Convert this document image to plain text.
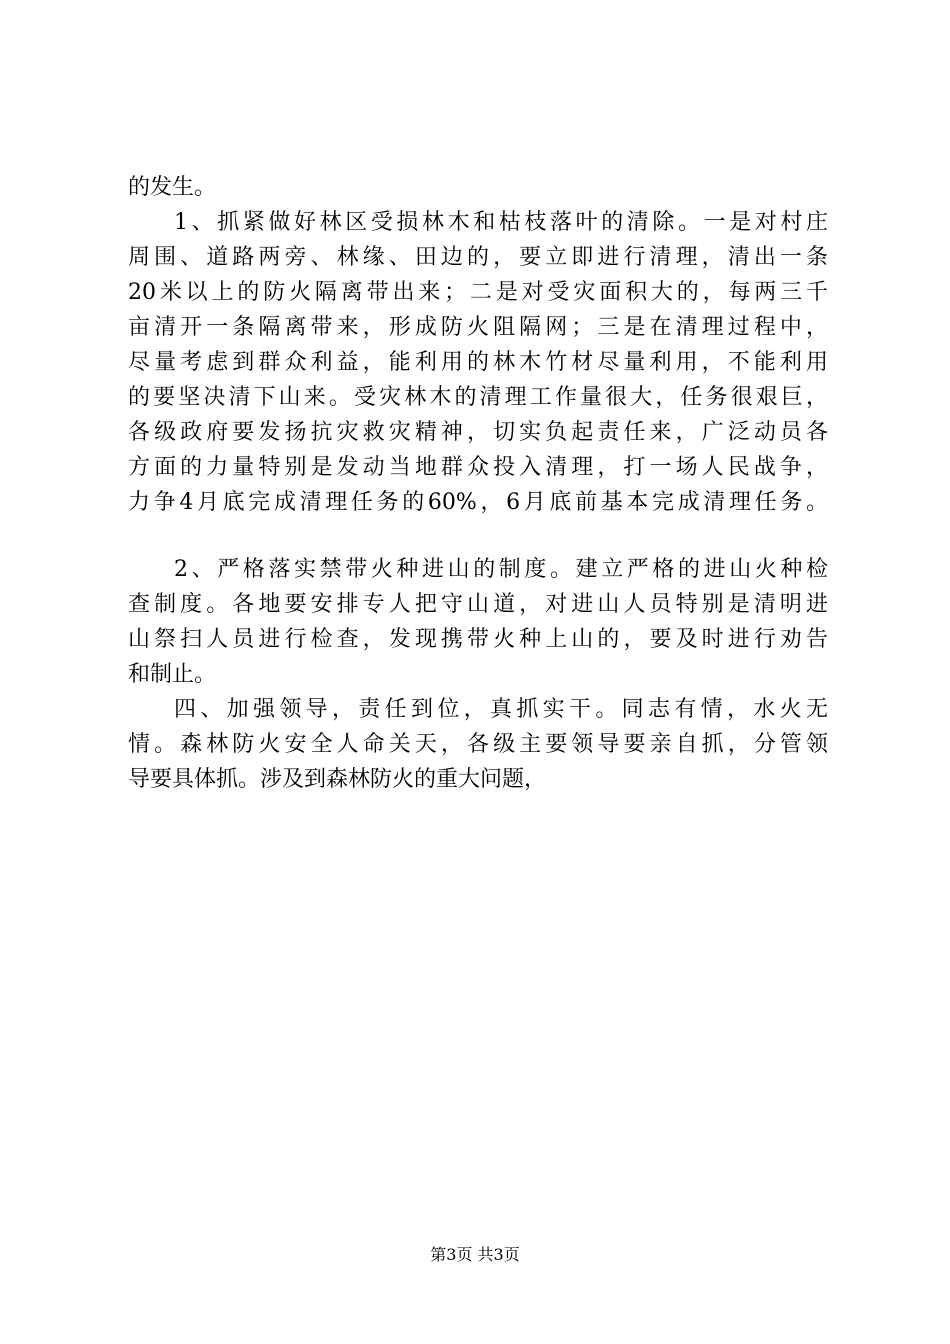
的发生。
1、抓紧做好林区受损林木和枯枝落叶的清除。一是对村庄
周围、道路两旁、林缘、田边的，要立即进行清理，清出一条
20米以上的防火隔离带出来；二是对受灾面积大的，每两三千
亩清开一条隔离带来，形成防火阻隔网；三是在清理过程中，
尽量考虑到群众利益，能利用的林木竹材尽量利用，不能利用
的要坚决清下山来。受灾林木的清理工作量很大，任务很艰巨，
各级政府要发扬抗灾救灾精神，切实负起责任来，广泛动员各
方面的力量特别是发动当地群众投入清理，打一场人民战争，
力争4月底完成清理任务的60%，6月底前基本完成清理任务。
2、严格落实禁带火种进山的制度。建立严格的进山火种检
查制度。各地要安排专人把守山道，对进山人员特别是清明进
山祭扫人员进行检查，发现携带火种上山的，要及时进行劝告
和制止。
四、加强领导，责任到位，真抓实干。同志有情，水火无
情。森林防火安全人命关天，各级主要领导要亲自抓，分管领
导要具体抓。涉及到森林防火的重大问题，
第3页 共3页
